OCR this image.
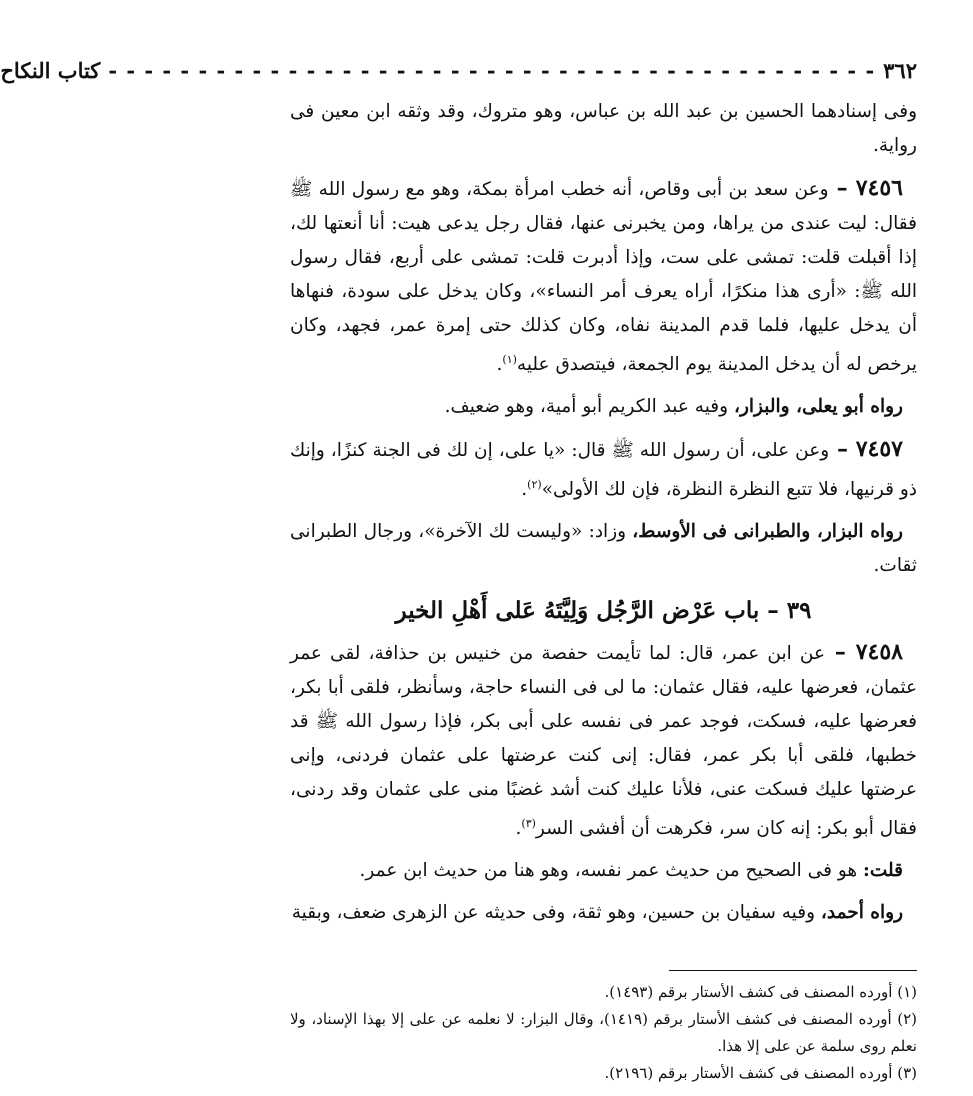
٣٦٢
- - - - - - - - - - - - - - - - - - - - - - - - - - - - - - - - - - - - - - - - - - -
كتاب النكاح

وفى إسنادهما الحسين بن عبد الله بن عباس، وهو متروك، وقد وثقه ابن معين فى رواية.

٧٤٥٦ – وعن سعد بن أبى وقاص، أنه خطب امرأة بمكة، وهو مع رسول الله ﷺ فقال: ليت عندى من يراها، ومن يخبرنى عنها، فقال رجل يدعى هيت: أنا أنعتها لك، إذا أقبلت قلت: تمشى على ست، وإذا أدبرت قلت: تمشى على أربع، فقال رسول الله ﷺ: «أرى هذا منكرًا، أراه يعرف أمر النساء»، وكان يدخل على سودة، فنهاها أن يدخل عليها، فلما قدم المدينة نفاه، وكان كذلك حتى إمرة عمر، فجهد، وكان يرخص له أن يدخل المدينة يوم الجمعة، فيتصدق عليه$^{(١)}$.

رواه أبو يعلى، والبزار، وفيه عبد الكريم أبو أمية، وهو ضعيف.

٧٤٥٧ – وعن على، أن رسول الله ﷺ قال: «يا على، إن لك فى الجنة كنزًا، وإنك ذو قرنيها، فلا تتبع النظرة النظرة، فإن لك الأولى»$^{(٢)}$.

رواه البزار، والطبرانى فى الأوسط، وزاد: «وليست لك الآخرة»، ورجال الطبرانى ثقات.

٣٩ – باب عَرْض الرَّجُل وَلِيَّتَهُ عَلى أَهْلِ الخير

٧٤٥٨ – عن ابن عمر، قال: لما تأيمت حفصة من خنيس بن حذافة، لقى عمر عثمان، فعرضها عليه، فقال عثمان: ما لى فى النساء حاجة، وسأنظر، فلقى أبا بكر، فعرضها عليه، فسكت، فوجد عمر فى نفسه على أبى بكر، فإذا رسول الله ﷺ قد خطبها، فلقى أبا بكر عمر، فقال: إنى كنت عرضتها على عثمان فردنى، وإنى عرضتها عليك فسكت عنى، فلأنا عليك كنت أشد غضبًا منى على عثمان وقد ردنى، فقال أبو بكر: إنه كان سر، فكرهت أن أفشى السر$^{(٣)}$.

قلت: هو فى الصحيح من حديث عمر نفسه، وهو هنا من حديث ابن عمر.

رواه أحمد، وفيه سفيان بن حسين، وهو ثقة، وفى حديثه عن الزهرى ضعف، وبقية

(١) أورده المصنف فى كشف الأستار برقم (١٤٩٣).

(٢) أورده المصنف فى كشف الأستار برقم (١٤١٩)، وقال البزار: لا نعلمه عن على إلا بهذا الإسناد، ولا نعلم روى سلمة عن على إلا هذا.

(٣) أورده المصنف فى كشف الأستار برقم (٢١٩٦).
